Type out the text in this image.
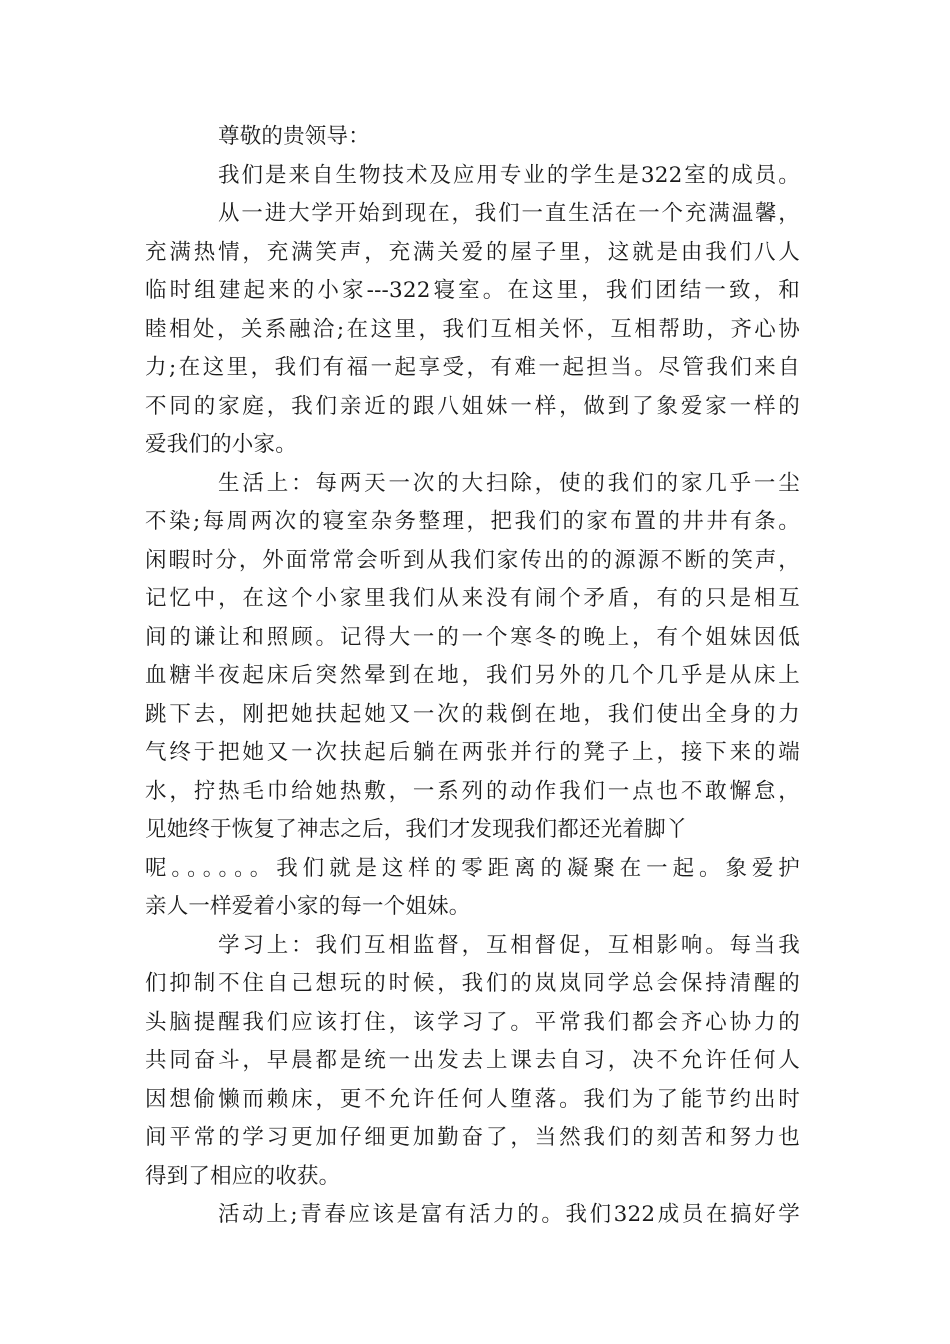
尊敬的贵领导：
我们是来自生物技术及应用专业的学生是322室的成员。
从一进大学开始到现在，我们一直生活在一个充满温馨，
充满热情，充满笑声，充满关爱的屋子里，这就是由我们八人
临时组建起来的小家---322寝室。在这里，我们团结一致，和
睦相处，关系融洽;在这里，我们互相关怀，互相帮助，齐心协
力;在这里，我们有福一起享受，有难一起担当。尽管我们来自
不同的家庭，我们亲近的跟八姐妹一样，做到了象爱家一样的
爱我们的小家。
生活上：每两天一次的大扫除，使的我们的家几乎一尘
不染;每周两次的寝室杂务整理，把我们的家布置的井井有条。
闲暇时分，外面常常会听到从我们家传出的的源源不断的笑声，
记忆中，在这个小家里我们从来没有闹个矛盾，有的只是相互
间的谦让和照顾。记得大一的一个寒冬的晚上，有个姐妹因低
血糖半夜起床后突然晕到在地，我们另外的几个几乎是从床上
跳下去，刚把她扶起她又一次的栽倒在地，我们使出全身的力
气终于把她又一次扶起后躺在两张并行的凳子上，接下来的端
水，拧热毛巾给她热敷，一系列的动作我们一点也不敢懈怠，
见她终于恢复了神志之后，我们才发现我们都还光着脚丫
呢。。。。。。我们就是这样的零距离的凝聚在一起。象爱护
亲人一样爱着小家的每一个姐妹。
学习上：我们互相监督，互相督促，互相影响。每当我
们抑制不住自己想玩的时候，我们的岚岚同学总会保持清醒的
头脑提醒我们应该打住，该学习了。平常我们都会齐心协力的
共同奋斗，早晨都是统一出发去上课去自习，决不允许任何人
因想偷懒而赖床，更不允许任何人堕落。我们为了能节约出时
间平常的学习更加仔细更加勤奋了，当然我们的刻苦和努力也
得到了相应的收获。
活动上;青春应该是富有活力的。我们322成员在搞好学
